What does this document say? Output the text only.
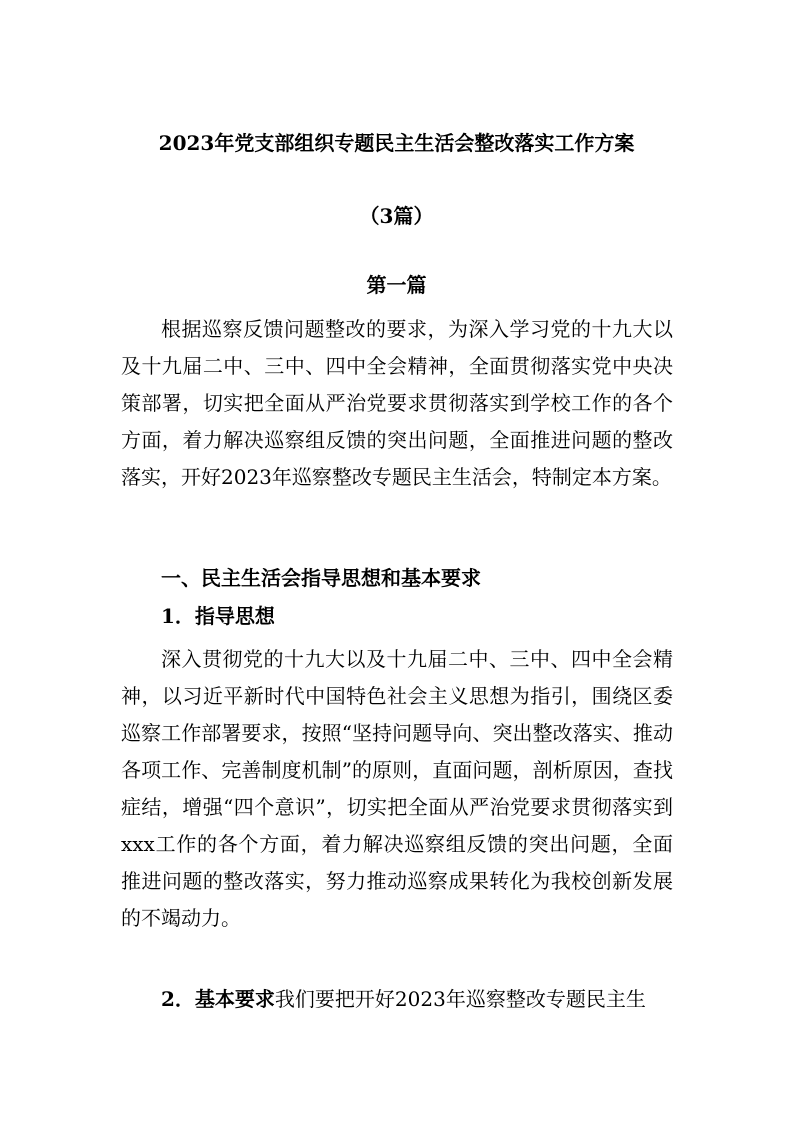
2023年党支部组织专题民主生活会整改落实工作方案
（3篇）
第一篇

根据巡察反馈问题整改的要求，为深入学习党的十九大以及十九届二中、三中、四中全会精神，全面贯彻落实党中央决策部署，切实把全面从严治党要求贯彻落实到学校工作的各个方面，着力解决巡察组反馈的突出问题，全面推进问题的整改落实，开好2023年巡察整改专题民主生活会，特制定本方案。

一、民主生活会指导思想和基本要求
1．指导思想

深入贯彻党的十九大以及十九届二中、三中、四中全会精神，以习近平新时代中国特色社会主义思想为指引，围绕区委巡察工作部署要求，按照“坚持问题导向、突出整改落实、推动各项工作、完善制度机制”的原则，直面问题，剖析原因，查找症结，增强“四个意识”，切实把全面从严治党要求贯彻落实到xxx工作的各个方面，着力解决巡察组反馈的突出问题，全面推进问题的整改落实，努力推动巡察成果转化为我校创新发展的不竭动力。

2．基本要求我们要把开好2023年巡察整改专题民主生
